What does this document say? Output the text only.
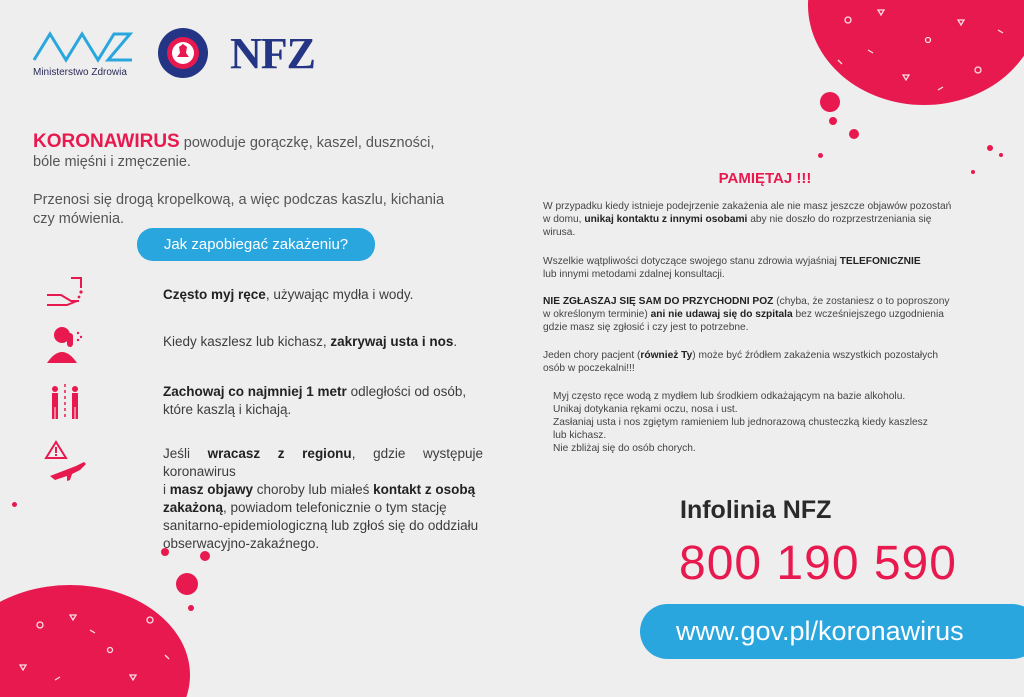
Ministerstwo Zdrowia NFZ
KORONAWIRUS powoduje gorączkę, kaszel, duszności,
bóle mięśni i zmęczenie.
Przenosi się drogą kropelkową, a więc podczas kaszlu, kichania
czy mówienia.
Jak zapobiegać zakażeniu?
Często myj ręce, używając mydła i wody.
Kiedy kaszlesz lub kichasz, zakrywaj usta i nos.
Zachowaj co najmniej 1 metr odległości od osób,
które kaszlą i kichają.
Jeśli wracasz z regionu, gdzie występuje koronawirus
i masz objawy choroby lub miałeś kontakt z osobą
zakażoną, powiadom telefonicznie o tym stację
sanitarno-epidemiologiczną lub zgłoś się do oddziału
obserwacyjno-zakaźnego.
PAMIĘTAJ !!!
W przypadku kiedy istnieje podejrzenie zakażenia ale nie masz jeszcze objawów pozostań
w domu, unikaj kontaktu z innymi osobami aby nie doszło do rozprzestrzeniania się
wirusa.
Wszelkie wątpliwości dotyczące swojego stanu zdrowia wyjaśniaj TELEFONICZNIE
lub innymi metodami zdalnej konsultacji.
NIE ZGŁASZAJ SIĘ SAM DO PRZYCHODNI POZ (chyba, że zostaniesz o to poproszony
w określonym terminie) ani nie udawaj się do szpitala bez wcześniejszego uzgodnienia
gdzie masz się zgłosić i czy jest to potrzebne.
Jeden chory pacjent (również Ty) może być źródłem zakażenia wszystkich pozostałych
osób w poczekalni!!!
Myj często ręce wodą z mydłem lub środkiem odkażającym na bazie alkoholu.
Unikaj dotykania rękami oczu, nosa i ust.
Zasłaniaj usta i nos zgiętym ramieniem lub jednorazową chusteczką kiedy kaszlesz
lub kichasz.
Nie zbliżaj się do osób chorych.
Infolinia NFZ
800 190 590
www.gov.pl/koronawirus
